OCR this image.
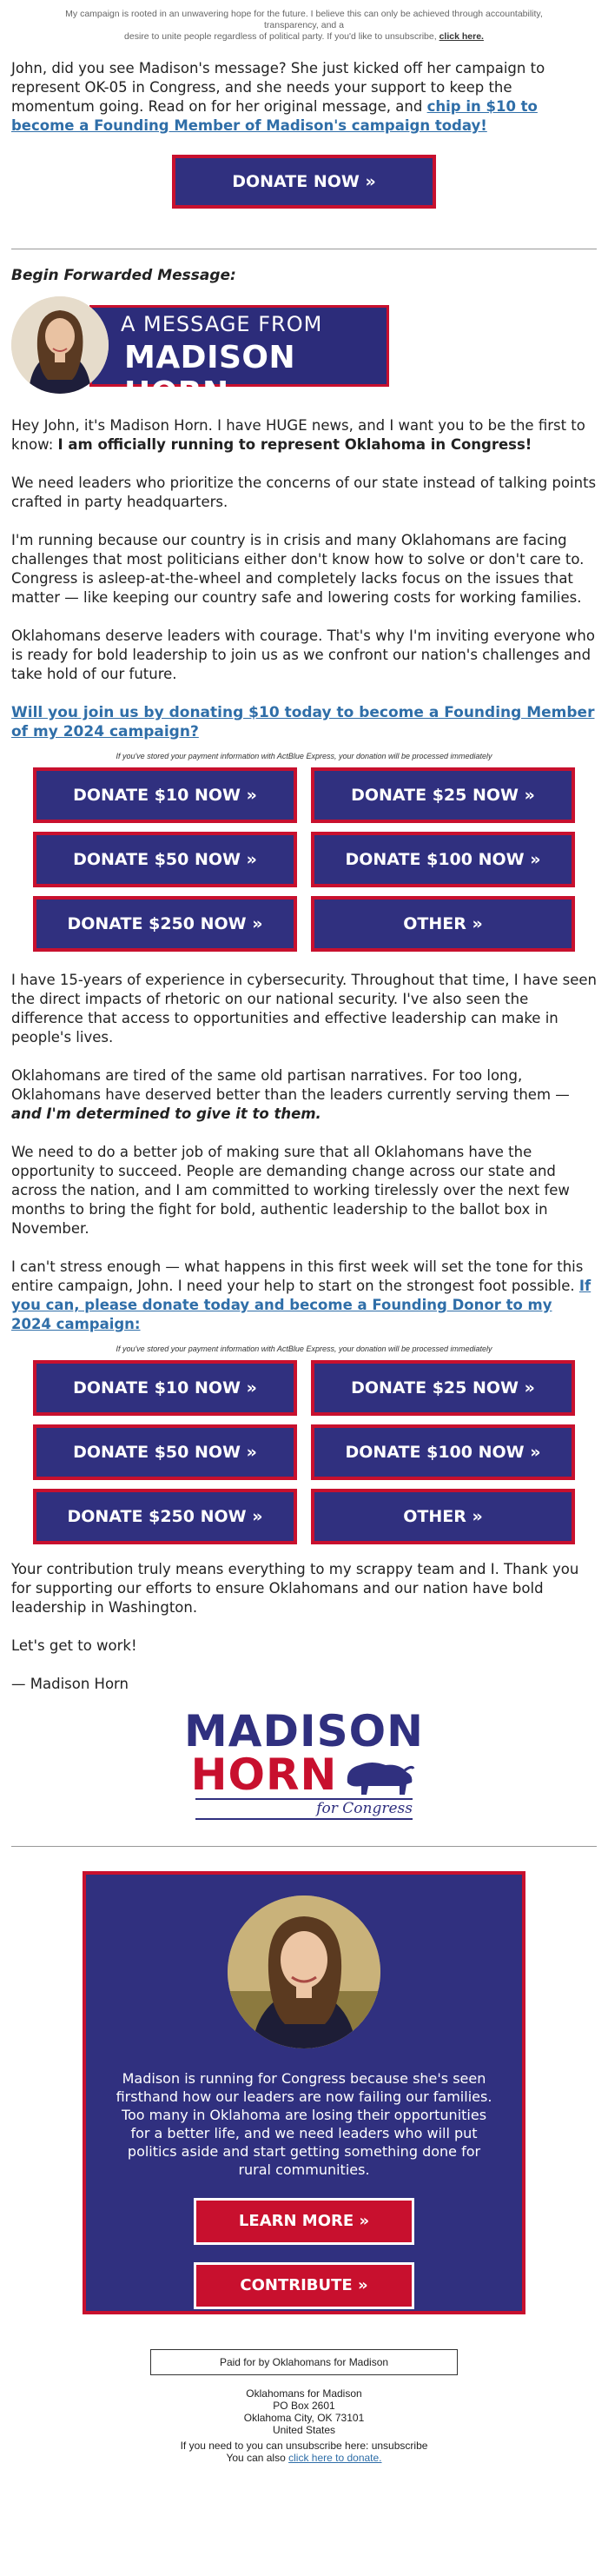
My campaign is rooted in an unwavering hope for the future. I believe this can only be achieved through accountability, transparency, and a
desire to unite people regardless of political party. If you'd like to unsubscribe, click here.

John, did you see Madison's message? She just kicked off her campaign to represent OK-05 in Congress, and she needs your support to keep the momentum going. Read on for her original message, and chip in $10 to become a Founding Member of Madison's campaign today!

DONATE NOW »
Begin Forwarded Message:
A MESSAGE FROM
MADISON HORN

Hey John, it's Madison Horn. I have HUGE news, and I want you to be the first to know: I am officially running to represent Oklahoma in Congress!

We need leaders who prioritize the concerns of our state instead of talking points crafted in party headquarters.

I'm running because our country is in crisis and many Oklahomans are facing challenges that most politicians either don't know how to solve or don't care to. Congress is asleep-at-the-wheel and completely lacks focus on the issues that matter — like keeping our country safe and lowering costs for working families.

Oklahomans deserve leaders with courage. That's why I'm inviting everyone who is ready for bold leadership to join us as we confront our nation's challenges and take hold of our future.

Will you join us by donating $10 today to become a Founding Member of my 2024 campaign?

If you've stored your payment information with ActBlue Express, your donation will be processed immediately
DONATE $10 NOW »	DONATE $25 NOW »
DONATE $50 NOW »	DONATE $100 NOW »
DONATE $250 NOW »	OTHER »

I have 15-years of experience in cybersecurity. Throughout that time, I have seen the direct impacts of rhetoric on our national security. I've also seen the difference that access to opportunities and effective leadership can make in people's lives.

Oklahomans are tired of the same old partisan narratives. For too long, Oklahomans have deserved better than the leaders currently serving them — and I'm determined to give it to them.

We need to do a better job of making sure that all Oklahomans have the opportunity to succeed. People are demanding change across our state and across the nation, and I am committed to working tirelessly over the next few months to bring the fight for bold, authentic leadership to the ballot box in November.

I can't stress enough — what happens in this first week will set the tone for this entire campaign, John. I need your help to start on the strongest foot possible. If you can, please donate today and become a Founding Donor to my 2024 campaign:

If you've stored your payment information with ActBlue Express, your donation will be processed immediately
DONATE $10 NOW »	DONATE $25 NOW »
DONATE $50 NOW »	DONATE $100 NOW »
DONATE $250 NOW »	OTHER »

Your contribution truly means everything to my scrappy team and I. Thank you for supporting our efforts to ensure Oklahomans and our nation have bold leadership in Washington.

Let's get to work!

— Madison Horn

MADISON
HORN
for Congress

Madison is running for Congress because she's seen firsthand how our leaders are now failing our families. Too many in Oklahoma are losing their opportunities for a better life, and we need leaders who will put politics aside and start getting something done for rural communities.

LEARN MORE »
CONTRIBUTE »
Paid for by Oklahomans for Madison
Oklahomans for Madison
PO Box 2601
Oklahoma City, OK 73101
United States
If you need to you can unsubscribe here: unsubscribe
You can also click here to donate.
